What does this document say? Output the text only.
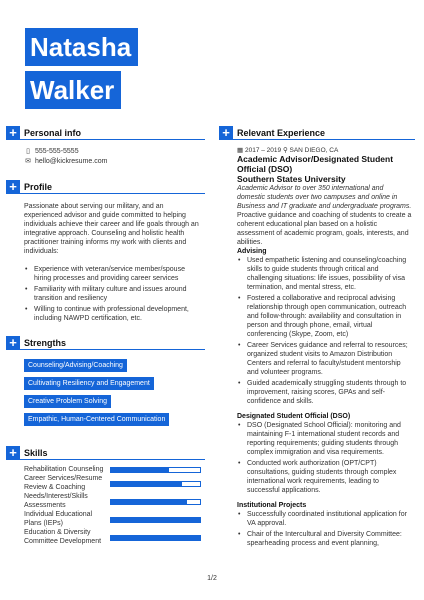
Natasha
Walker
+ Personal info
▯ 555-555-5555
✉ hello@kickresume.com
+ Profile
Passionate about serving our military, and an experienced advisor and guide committed to helping individuals achieve their career and life goals through an integrative approach. Counseling and holistic health practitioner training informs my work with clients and individuals:
• Experience with veteran/service member/spouse hiring processes and providing career services
• Familiarity with military culture and issues around transition and resiliency
• Willing to continue with professional development, including NAWPD certification, etc.
+ Strengths
Counseling/Advising/Coaching
Cultivating Resiliency and Engagement
Creative Problem Solving
Empathic, Human-Centered Communication
+ Skills
Rehabilitation Counseling
Career Services/Resume Review & Coaching
Needs/Interest/Skills Assessments
Individual Educational Plans (IEPs)
Education & Diversity Committee Development
+ Relevant Experience
▦ 2017 – 2019 ⚲ SAN DIEGO, CA
Academic Advisor/Designated Student Official (DSO)
Southern States University
Academic Advisor to over 350 international and domestic students over two campuses and online in Business and IT graduate and undergraduate programs. Proactive guidance and coaching of students to create a coherent educational plan based on a holistic assessment of academic program, goals, interests, and abilities.
Advising
• Used empathetic listening and counseling/coaching skills to guide students through critical and challenging situations: life issues, possibility of visa termination, and mental stress, etc.
• Fostered a collaborative and reciprocal advising relationship through open communication, outreach and follow-through: availability and consultation in person and through phone, email, virtual conferencing (Skype, Zoom, etc)
• Career Services guidance and referral to resources; organized student visits to Amazon Distribution Centers and referral to faculty/student mentorship and volunteer programs.
• Guided academically struggling students through to improvement, raising scores, GPAs and self-confidence and skills.
Designated Student Official (DSO)
• DSO (Designated School Official): monitoring and maintaining F-1 international student records and reporting requirements; guiding students through complex immigration and visa requirements.
• Conducted work authorization (OPT/CPT) consultations, guiding students through complex international work requirements, leading to successful applications.
Institutional Projects
• Successfully coordinated institutional application for VA approval.
• Chair of the Intercultural and Diversity Committee: spearheading process and event planning,
1/2
